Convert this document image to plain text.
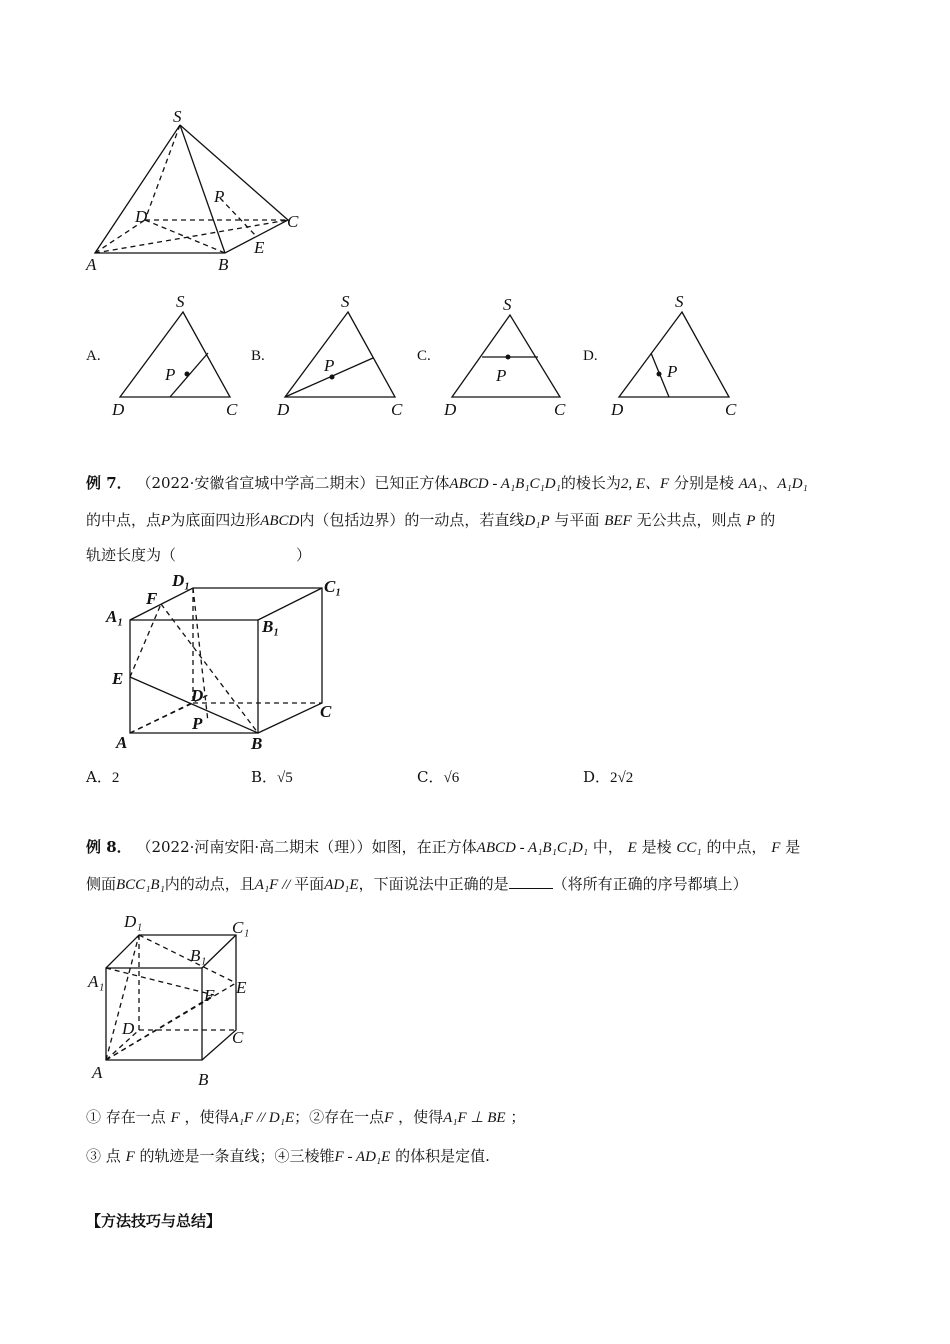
S
P
D	C
A	B
E
A.
S
P
D	C
B.
S
P
D	C
C.
S
P
D	C
D.
S
P
D	C
例 7． （2022·安徽省宣城中学高二期末）已知正方体ABCD - A₁B₁C₁D₁的棱长为2, E、F 分别是棱 AA₁、A₁D₁
的中点，点P为底面四边形ABCD内（包括边界）的一动点，若直线D₁P 与平面 BEF 无公共点，则点 P 的
轨迹长度为（	）
D₁	C₁
A₁
F
B₁
E
D
C
P
A	B
A．2	B．√5	C．√6	D．2√2
例 8． （2022·河南安阳·高二期末（理））如图，在正方体ABCD - A₁B₁C₁D₁ 中， E 是棱 CC₁ 的中点， F 是
侧面BCC₁B₁内的动点，且A₁F // 平面AD₁E，下面说法中正确的是	（将所有正确的序号都填上）
D₁	C₁
B₁
A₁
F E
D	C
A	B
① 存在一点 F ，使得A₁F // D₁E；②存在一点F ，使得A₁F ⊥ BE ；
③ 点 F 的轨迹是一条直线；④三棱锥F - AD₁E 的体积是定值.
【方法技巧与总结】
